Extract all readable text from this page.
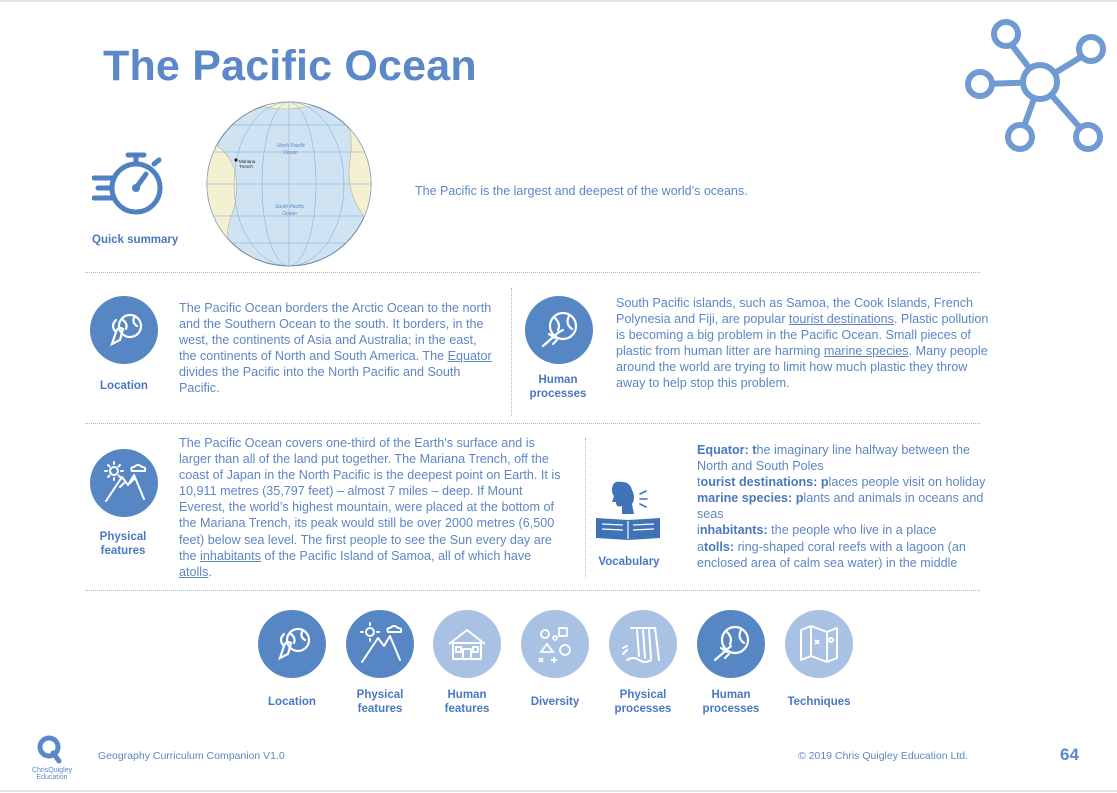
The Pacific Ocean
North Pacific
Ocean
South Pacific
Ocean
Mariana
Trench
Quick summary
The Pacific is the largest and deepest of the world’s oceans.
Location
The Pacific Ocean borders the Arctic Ocean to the north and the Southern Ocean to the south. It borders, in the west, the continents of Asia and Australia; in the east, the continents of North and South America. The Equator divides the Pacific into the North Pacific and South Pacific.
Human
processes
South Pacific islands, such as Samoa, the Cook Islands, French Polynesia and Fiji, are popular tourist destinations. Plastic pollution is becoming a big problem in the Pacific Ocean. Small pieces of plastic from human litter are harming marine species. Many people around the world are trying to limit how much plastic they throw away to help stop this problem.
Physical
features
The Pacific Ocean covers one-third of the Earth's surface and is larger than all of the land put together. The Mariana Trench, off the coast of Japan in the North Pacific is the deepest point on Earth. It is 10,911 metres (35,797 feet) – almost 7 miles – deep. If Mount Everest, the world’s highest mountain, were placed at the bottom of the Mariana Trench, its peak would still be over 2000 metres (6,500 feet) below sea level. The first people to see the Sun every day are the inhabitants of the Pacific Island of Samoa, all of which have atolls.
Vocabulary
Equator: the imaginary line halfway between the North and South Poles
tourist destinations: places people visit on holiday marine species: plants and animals in oceans and seas
inhabitants: the people who live in a place
atolls: ring-shaped coral reefs with a lagoon (an enclosed area of calm sea water) in the middle
Location
Physical
features
Human
features
Diversity
Physical
processes
Human
processes
Techniques
ChrisQuigley Education
Geography Curriculum Companion V1.0	© 2019 Chris Quigley Education Ltd.	64
